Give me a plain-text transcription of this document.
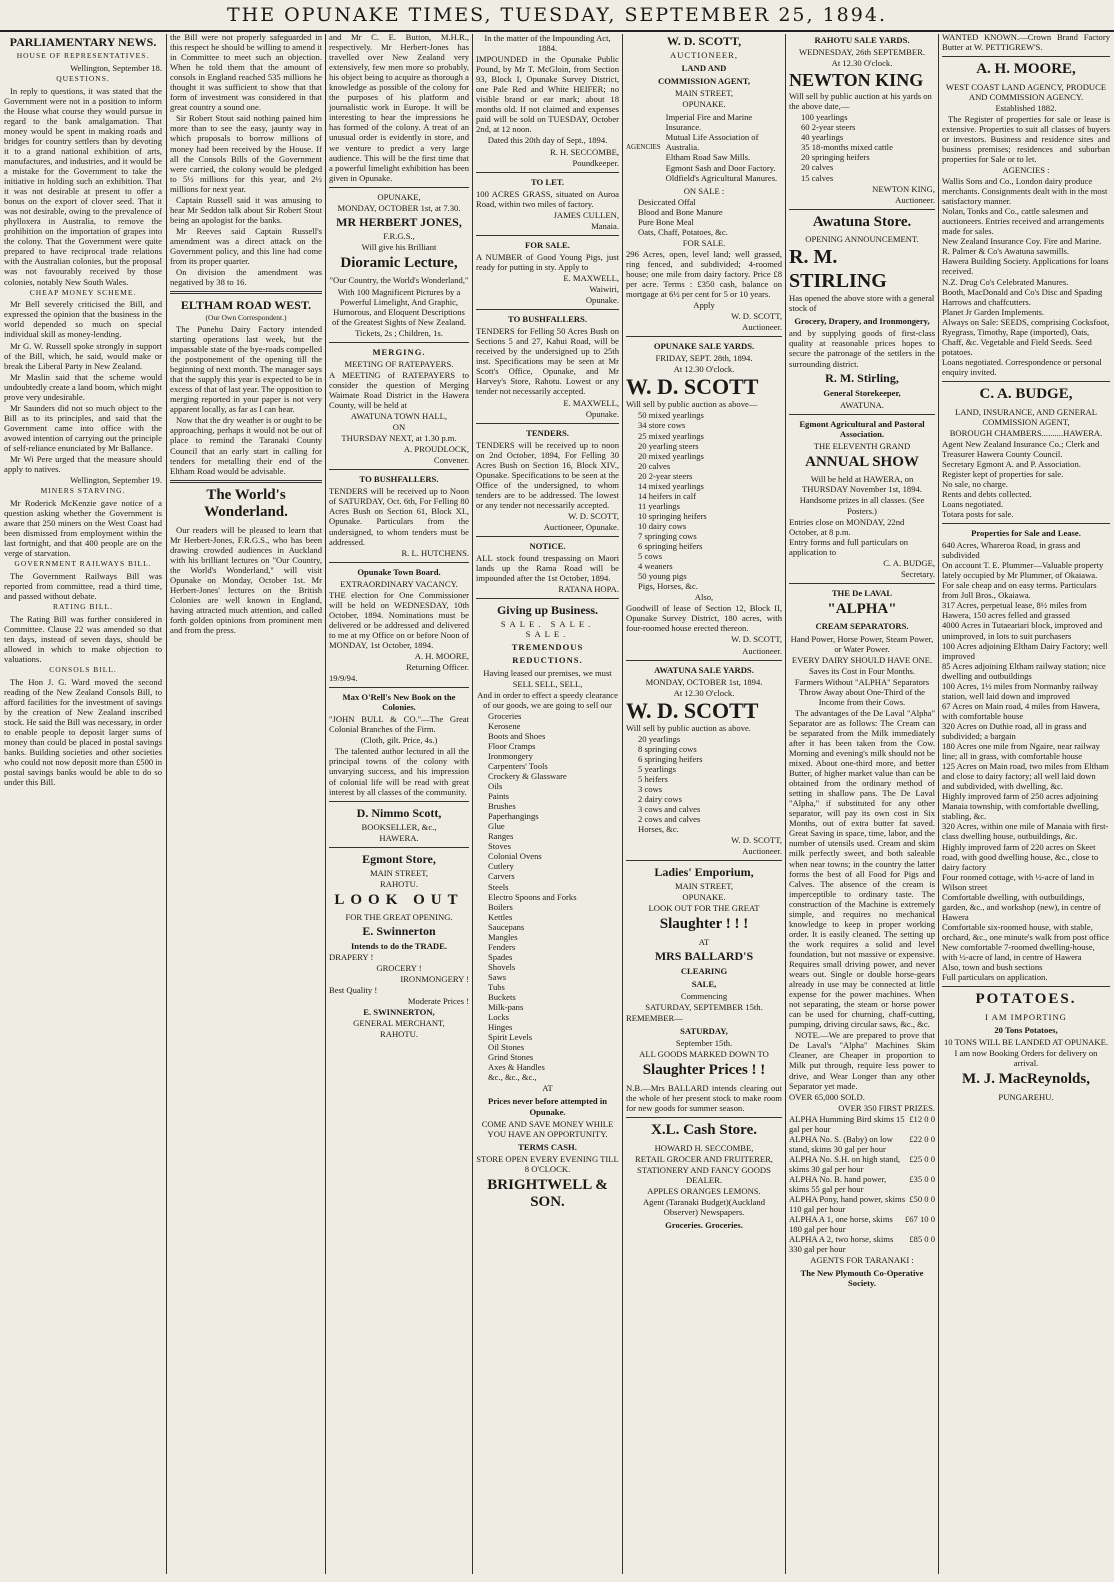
THE OPUNAKE TIMES, TUESDAY, SEPTEMBER 25, 1894.
PARLIAMENTARY NEWS.
HOUSE OF REPRESENTATIVES.
Wellington, September 18.
QUESTIONS.

In reply to questions, it was stated that the Government were not in a position to inform the House what course they would pursue in regard to the bank amalgamation. That money would be spent in making roads and bridges for country settlers than by devoting it to a grand national exhibition of arts, manufactures, and industries, and it would be a mistake for the Government to take the initiative in holding such an exhibition. That it was not desirable at present to offer a bonus on the export of clover seed. That it was not desirable, owing to the prevalence of phylloxera in Australia, to remove the prohibition on the importation of grapes into the colony. That the Government were quite prepared to have reciprocal trade relations with the Australian colonies, but the proposal was not favourably received by those colonies, notably New South Wales.

CHEAP MONEY SCHEME.

Mr Bell severely criticised the Bill, and expressed the opinion that the business in the world depended so much on special individual skill as money-lending.

Mr G. W. Russell spoke strongly in support of the Bill, which, he said, would make or break the Liberal Party in New Zealand.

Mr Maslin said that the scheme would undoubtedly create a land boom, which might prove very undesirable.

Mr Saunders did not so much object to the Bill as to its principles, and said that the Government came into office with the avowed intention of carrying out the principle of self-reliance enunciated by Mr Ballance.

Mr Wi Pere urged that the measure should apply to natives.

Wellington, September 19.
MINERS STARVING.

Mr Roderick McKenzie gave notice of a question asking whether the Government is aware that 250 miners on the West Coast had been dismissed from employment within the last fortnight, and that 400 people are on the verge of starvation.

GOVERNMENT RAILWAYS BILL.

The Government Railways Bill was reported from committee, read a third time, and passed without debate.

RATING BILL.

The Rating Bill was further considered in Committee. Clause 22 was amended so that ten days, instead of seven days, should be allowed in which to make objection to valuations.

CONSOLS BILL.

The Hon J. G. Ward moved the second reading of the New Zealand Consols Bill, to afford facilities for the investment of savings by the creation of New Zealand inscribed stock. He said the Bill was necessary, in order to enable people to deposit larger sums of money than could be placed in postal savings banks. Building societies and other societies who could not now deposit more than £500 in postal savings banks would be able to do so under this Bill.

the Bill were not properly safeguarded in this respect he should be willing to amend it in Committee to meet such an objection. When he told them that the amount of consols in England reached 535 millions he thought it was sufficient to show that that form of investment was considered in that great country a sound one.

Sir Robert Stout said nothing pained him more than to see the easy, jaunty way in which proposals to borrow millions of money had been received by the House. If all the Consols Bills of the Government were carried, the colony would be pledged to 5½ millions for this year, and 2½ millions for next year.

Captain Russell said it was amusing to hear Mr Seddon talk about Sir Robert Stout being an apologist for the banks.

Mr Reeves said Captain Russell's amendment was a direct attack on the Government policy, and this line had come from its proper quarter.

On division the amendment was negatived by 38 to 16.

ELTHAM ROAD WEST.
(Our Own Correspondent.)

The Punehu Dairy Factory intended starting operations last week, but the impassable state of the bye-roads compelled the postponement of the opening till the beginning of next month. The manager says that the supply this year is expected to be in excess of that of last year. The opposition to merging reported in your paper is not very apparent locally, as far as I can hear.

Now that the dry weather is or ought to be approaching, perhaps it would not be out of place to remind the Taranaki County Council that an early start in calling for tenders for metalling their end of the Eltham Road would be advisable.

The World's Wonderland.

Our readers will be pleased to learn that Mr Herbert-Jones, F.R.G.S., who has been drawing crowded audiences in Auckland with his brilliant lectures on "Our Country, the World's Wonderland," will visit Opunake on Monday, October 1st. Mr Herbert-Jones' lectures on the British Colonies are well known in England, having attracted much attention, and called forth golden opinions from prominent men and from the press.

and Mr C. E. Button, M.H.R., respectively. Mr Herbert-Jones has travelled over New Zealand very extensively, few men more so probably, his object being to acquire as thorough a knowledge as possible of the colony for the purposes of his platform and journalistic work in Europe. It will be interesting to hear the impressions he has formed of the colony. A treat of an unusual order is evidently in store, and we venture to predict a very large audience. This will be the first time that a powerful limelight exhibition has been given in Opunake.

OPUNAKE,
MONDAY, OCTOBER 1st, at 7.30.
MR HERBERT JONES,
F.R.G.S.,
Will give his Brilliant
Dioramic Lecture,
"Our Country, the World's Wonderland,"
With 100 Magnificent Pictures by a Powerful Limelight, And Graphic, Humorous, and Eloquent Descriptions of the Greatest Sights of New Zealand.
Tickets, 2s ; Children, 1s.
MERGING.
MEETING OF RATEPAYERS.

A MEETING of RATEPAYERS to consider the question of Merging Waimate Road District in the Hawera County, will be held at

AWATUNA TOWN HALL,
ON
THURSDAY NEXT, at 1.30 p.m.
A. PROUDLOCK,
Convener.
TO BUSHFALLERS.

TENDERS will be received up to Noon of SATURDAY, Oct. 6th, For Felling 80 Acres Bush on Section 61, Block XI., Opunake. Particulars from the undersigned, to whom tenders must be addressed.

R. L. HUTCHENS.
Opunake Town Board.
EXTRAORDINARY VACANCY.

THE election for One Commissioner will be held on WEDNESDAY, 10th October, 1894. Nominations must be delivered or be addressed and delivered to me at my Office on or before Noon of MONDAY, 1st October, 1894.

A. H. MOORE,
Returning Officer.
19/9/94.
Max O'Rell's New Book on the Colonies.

"JOHN BULL & CO."—The Great Colonial Branches of the Firm.

(Cloth, gilt. Price, 4s.)

The talented author lectured in all the principal towns of the colony with unvarying success, and his impression of colonial life will be read with great interest by all classes of the community.

D. Nimmo Scott,
BOOKSELLER, &c.,
HAWERA.
Egmont Store,
MAIN STREET,
RAHOTU.
LOOK OUT
FOR THE GREAT OPENING.
E. Swinnerton
Intends to do the TRADE.
DRAPERY !
GROCERY !
IRONMONGERY !
Best Quality !
Moderate Prices !
E. SWINNERTON,
GENERAL MERCHANT,
RAHOTU.
In the matter of the Impounding Act, 1884.

IMPOUNDED in the Opunake Public Pound, by Mr T. McGloin, from Section 93, Block I, Opunake Survey District, one Pale Red and White HEIFER; no visible brand or ear mark; about 18 months old. If not claimed and expenses paid will be sold on TUESDAY, October 2nd, at 12 noon.

Dated this 20th day of Sept., 1894.
R. H. SECCOMBE,
Poundkeeper.
TO LET.

100 ACRES GRASS, situated on Auroa Road, within two miles of factory.

JAMES CULLEN,
Manaia.
FOR SALE.

A NUMBER of Good Young Pigs, just ready for putting in sty. Apply to

E. MAXWELL,
Waiwiri,
Opunake.
TO BUSHFALLERS.

TENDERS for Felling 50 Acres Bush on Sections 5 and 27, Kahui Road, will be received by the undersigned up to 25th inst. Specifications may be seen at Mr Scott's Office, Opunake, and Mr Harvey's Store, Rahotu. Lowest or any tender not necessarily accepted.

E. MAXWELL,
Opunake.
TENDERS.

TENDERS will be received up to noon on 2nd October, 1894, For Felling 30 Acres Bush on Section 16, Block XIV., Opunake. Specifications to be seen at the Office of the undersigned, to whom tenders are to be addressed. The lowest or any tender not necessarily accepted.

W. D. SCOTT,
Auctioneer, Opunake.
NOTICE.

ALL stock found trespassing on Maori lands up the Rama Road will be impounded after the 1st October, 1894.

RATANA HOPA.
Giving up Business.
SALE. SALE. SALE.
TREMENDOUS
REDUCTIONS.
Having leased our premises, we must
SELL SELL, SELL,
And in order to effect a speedy clearance of our goods, we are going to sell our
Groceries
Kerosene
Boots and Shoes
Floor Cramps
Ironmongery
Carpenters' Tools
Crockery & Glassware
Oils
Paints
Brushes
Paperhangings
Glue
Ranges
Stoves
Colonial Ovens
Cutlery
Carvers
Steels
Electro Spoons and Forks
Boilers
Kettles
Saucepans
Mangles
Fenders
Spades
Shovels
Saws
Tubs
Buckets
Milk-pans
Locks
Hinges
Spirit Levels
Oil Stones
Grind Stones
Axes & Handles
&c., &c., &c.,
AT
Prices never before attempted in Opunake.
COME AND SAVE MONEY WHILE YOU HAVE AN OPPORTUNITY.
TERMS CASH.
STORE OPEN EVERY EVENING TILL 8 O'CLOCK.
BRIGHTWELL & SON.
W. D. SCOTT,
AUCTIONEER,
LAND AND
COMMISSION AGENT,
MAIN STREET,
OPUNAKE.
AGENCIES
Imperial Fire and Marine Insurance.
Mutual Life Association of Australia.
Eltham Road Saw Mills.
Egmont Sash and Door Factory.
Oldfield's Agricultural Manures.
ON SALE :
Desiccated Offal
Blood and Bone Manure
Pure Bone Meal
Oats, Chaff, Potatoes, &c.
FOR SALE.

296 Acres, open, level land; well grassed, ring fenced, and subdivided; 4-roomed house; one mile from dairy factory. Price £8 per acre. Terms : £350 cash, balance on mortgage at 6½ per cent for 5 or 10 years.

Apply
W. D. SCOTT,
Auctioneer.
OPUNAKE SALE YARDS.
FRIDAY, SEPT. 28th, 1894.
At 12.30 O'clock.
W. D. SCOTT
Will sell by public auction as above—
50 mixed yearlings
34 store cows
25 mixed yearlings
20 yearling steers
20 mixed yearlings
20 calves
20 2-year steers
14 mixed yearlings
14 heifers in calf
11 yearlings
10 springing heifers
10 dairy cows
7 springing cows
6 springing heifers
5 cows
4 weaners
50 young pigs
Pigs, Horses, &c.
Also,

Goodwill of lease of Section 12, Block II, Opunake Survey District, 180 acres, with four-roomed house erected thereon.

W. D. SCOTT,
Auctioneer.
AWATUNA SALE YARDS.
MONDAY, OCTOBER 1st, 1894.
At 12.30 O'clock.
W. D. SCOTT
Will sell by public auction as above.
20 yearlings
8 springing cows
6 springing heifers
5 yearlings
5 heifers
3 cows
2 dairy cows
3 cows and calves
2 cows and calves
Horses, &c.
W. D. SCOTT,
Auctioneer.
Ladies' Emporium,
MAIN STREET,
OPUNAKE.
LOOK OUT FOR THE GREAT
Slaughter ! ! !
AT
MRS BALLARD'S
CLEARING
SALE,
Commencing
SATURDAY, SEPTEMBER 15th.
REMEMBER—
SATURDAY,
September 15th.
ALL GOODS MARKED DOWN TO
Slaughter Prices ! !

N.B.—Mrs BALLARD intends clearing out the whole of her present stock to make room for new goods for summer season.

X.L. Cash Store.
HOWARD H. SECCOMBE,
RETAIL GROCER AND FRUITERER,
STATIONERY AND FANCY GOODS DEALER.
APPLES ORANGES LEMONS.
Agent (Taranaki Budget)(Auckland Observer) Newspapers.
Groceries. Groceries.
RAHOTU SALE YARDS.
WEDNESDAY, 26th SEPTEMBER.
At 12.30 O'clock.
NEWTON KING
Will sell by public auction at his yards on the above date,—
100 yearlings
60 2-year steers
40 yearlings
35 18-months mixed cattle
20 springing heifers
20 calves
15 calves
NEWTON KING,
Auctioneer.
Awatuna Store.
OPENING ANNOUNCEMENT.
R. M. STIRLING
Has opened the above store with a general stock of
Grocery, Drapery, and Ironmongery,

and by supplying goods of first-class quality at reasonable prices hopes to secure the patronage of the settlers in the surrounding district.

R. M. Stirling,
General Storekeeper,
AWATUNA.
Egmont Agricultural and Pastoral Association.
THE ELEVENTH GRAND
ANNUAL SHOW
Will be held at HAWERA, on THURSDAY November 1st, 1894.
Handsome prizes in all classes. (See Posters.)
Entries close on MONDAY, 22nd October, at 8 p.m.
Entry forms and full particulars on application to
C. A. BUDGE,
Secretary.
THE De LAVAL
"ALPHA"
CREAM SEPARATORS.
Hand Power, Horse Power, Steam Power, or Water Power.
EVERY DAIRY SHOULD HAVE ONE.
Saves its Cost in Four Months.
Farmers Without "ALPHA" Separators Throw Away about One-Third of the Income from their Cows.

The advantages of the De Laval "Alpha" Separator are as follows: The Cream can be separated from the Milk immediately after it has been taken from the Cow. Morning and evening's milk should not be mixed. About one-third more, and better Butter, of higher market value than can be obtained from the ordinary method of setting in shallow pans. The De Laval "Alpha," if substituted for any other separator, will pay its own cost in Six Months, out of extra butter fat saved. Great Saving in space, time, labor, and the number of utensils used. Cream and skim milk perfectly sweet, and both saleable when near towns; in the country the latter forms the best of all Food for Pigs and Calves. The absence of the cream is imperceptible to ordinary taste. The construction of the Machine is extremely simple, and requires no mechanical knowledge to keep in proper working order. It is easily cleaned. The setting up the work requires a solid and level foundation, but not massive or expensive. Requires small driving power, and never wears out. Single or double horse-gears already in use may be connected at little expense for the power machines. When not separating, the steam or horse power can be used for churning, chaff-cutting, pumping, driving circular saws, &c., &c.

NOTE.—We are prepared to prove that De Laval's "Alpha" Machines Skim Cleaner, are Cheaper in proportion to Milk put through, require less power to drive, and Wear Longer than any other Separator yet made.

OVER 65,000 SOLD.
OVER 350 FIRST PRIZES.
ALPHA Humming Bird skims 15 gal per hour
£12 0 0
ALPHA No. S. (Baby) on low stand, skims 30 gal per hour
£22 0 0
ALPHA No. S.H. on high stand, skims 30 gal per hour
£25 0 0
ALPHA No. B. hand power, skims 55 gal per hour
£35 0 0
ALPHA Pony, hand power, skims 110 gal per hour
£50 0 0
ALPHA A 1, one horse, skims 180 gal per hour
£67 10 0
ALPHA A 2, two horse, skims 330 gal per hour
£85 0 0
AGENTS FOR TARANAKI :
The New Plymouth Co-Operative Society.

WANTED KNOWN.—Crown Brand Factory Butter at W. PETTIGREW'S.

A. H. MOORE,
WEST COAST LAND AGENCY, PRODUCE AND COMMISSION AGENCY.
Established 1882.

The Register of properties for sale or lease is extensive. Properties to suit all classes of buyers or investors. Business and residence sites and business premises; residences and suburban properties for Sale or to let.

AGENCIES :
Wallis Sons and Co., London dairy produce merchants. Consignments dealt with in the most satisfactory manner.
Nolan, Tonks and Co., cattle salesmen and auctioneers. Entries received and arrangements made for sales.
New Zealand Insurance Coy. Fire and Marine.
R. Palmer & Co's Awatuna sawmills.
Hawera Building Society. Applications for loans received.
N.Z. Drug Co's Celebrated Manures.
Booth, MacDonald and Co's Disc and Spading Harrows and chaffcutters.
Planet Jr Garden Implements.
Always on Sale: SEEDS, comprising Cocksfoot, Ryegrass, Timothy, Rape (imported), Oats, Chaff, &c. Vegetable and Field Seeds. Seed potatoes.
Loans negotiated. Correspondence or personal enquiry invited.
C. A. BUDGE,
LAND, INSURANCE, AND GENERAL COMMISSION AGENT,
BOROUGH CHAMBERS..........HAWERA.
Agent New Zealand Insurance Co.; Clerk and Treasurer Hawera County Council.
Secretary Egmont A. and P. Association.
Register kept of properties for sale.
No sale, no charge.
Rents and debts collected.
Loans negotiated.
Totara posts for sale.
Properties for Sale and Lease.
640 Acres, Whareroa Road, in grass and subdivided
On account T. E. Plummer—Valuable property lately occupied by Mr Plummer, of Okaiawa. For sale cheap and on easy terms. Particulars from Joll Bros., Okaiawa.
317 Acres, perpetual lease, 8½ miles from Hawera, 150 acres felled and grassed
4000 Acres in Tutaeariari block, improved and unimproved, in lots to suit purchasers
100 Acres adjoining Eltham Dairy Factory; well improved
85 Acres adjoining Eltham railway station; nice dwelling and outbuildings
100 Acres, 1½ miles from Normanby railway station, well laid down and improved
67 Acres on Main road, 4 miles from Hawera, with comfortable house
320 Acres on Duthie road, all in grass and subdivided; a bargain
180 Acres one mile from Ngaire, near railway line; all in grass, with comfortable house
125 Acres on Main road, two miles from Eltham and close to dairy factory; all well laid down and subdivided, with dwelling, &c.
Highly improved farm of 250 acres adjoining Manaia township, with comfortable dwelling, stabling, &c.
320 Acres, within one mile of Manaia with first-class dwelling house, outbuildings, &c.
Highly improved farm of 220 acres on Skeet road, with good dwelling house, &c., close to dairy factory
Four roomed cottage, with ½-acre of land in Wilson street
Comfortable dwelling, with outbuildings, garden, &c., and workshop (new), in centre of Hawera
Comfortable six-roomed house, with stable, orchard, &c., one minute's walk from post office
New comfortable 7-roomed dwelling-house, with ½-acre of land, in centre of Hawera
Also, town and bush sections
Full particulars on application.
POTATOES.
I AM IMPORTING
20 Tons Potatoes,
10 TONS WILL BE LANDED AT OPUNAKE.
I am now Booking Orders for delivery on arrival.
M. J. MacReynolds,
PUNGAREHU.
